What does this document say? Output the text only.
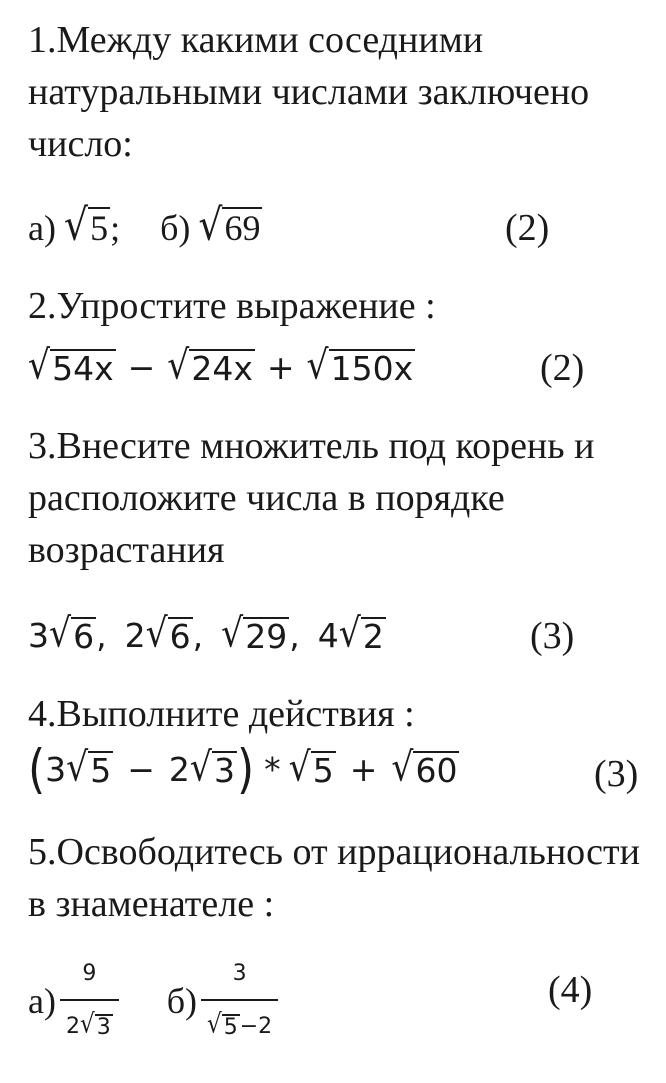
1.Между какими соседними натуральными числами заключено число:
а) √ 5 ; б) √ 69	(2)
2.Упростите выражение :
√ 54x − √ 24x + √ 150x	(2)
3.Внесите множитель под корень и расположите числа в порядке возрастания
3 √ 6 , 2 √ 6 , √ 29 , 4 √ 2	(3)
4.Выполните действия :
( 3 √ 5 − 2 √ 3 ) * √ 5 + √ 60	(3)
5.Освободитесь от иррациональности в знаменателе :
$а) \frac{9}{2 √ 3} б) \frac{3}{√ 5 -2}$	(4)
